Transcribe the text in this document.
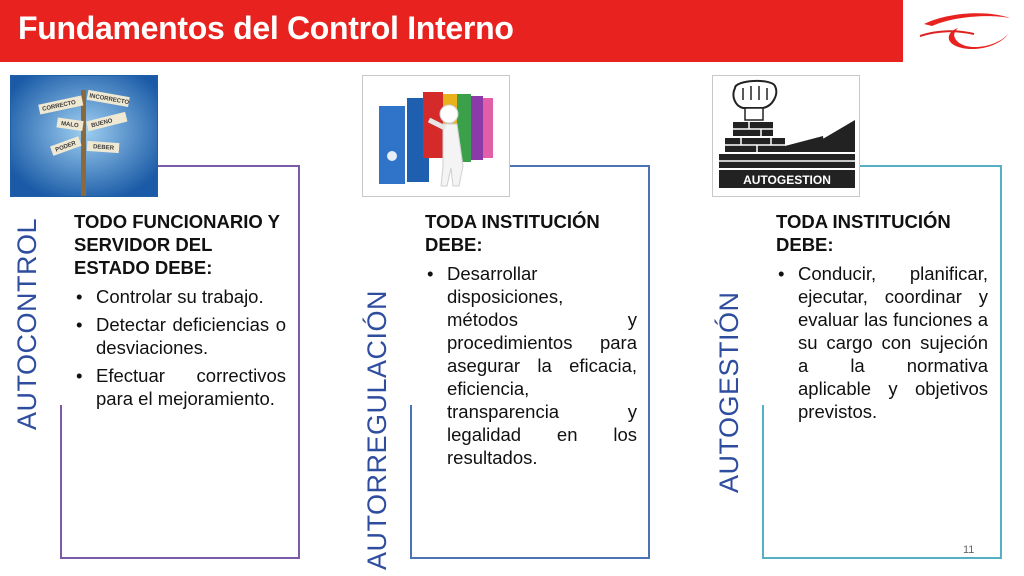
Fundamentos del Control Interno
CORRECTO
INCORRECTO
MALO BUENO
PODER	DEBER
AUTOCONTROL TODO FUNCIONARIO Y SERVIDOR DEL ESTADO DEBE:
• Controlar su trabajo.
• Detectar deficiencias o desviaciones.
• Efectuar correctivos para el mejoramiento.	AUTORREGULACIÓN
TODA INSTITUCIÓN DEBE:
• Desarrollar disposiciones, métodos y procedimientos para asegurar la eficacia, eficiencia, transparencia y legalidad en los resultados.
AUTOGESTION
AUTOGESTIÓN
TODA INSTITUCIÓN DEBE:
• Conducir, planificar, ejecutar, coordinar y evaluar las funciones a su cargo con sujeción a la normativa aplicable y objetivos previstos.
11
